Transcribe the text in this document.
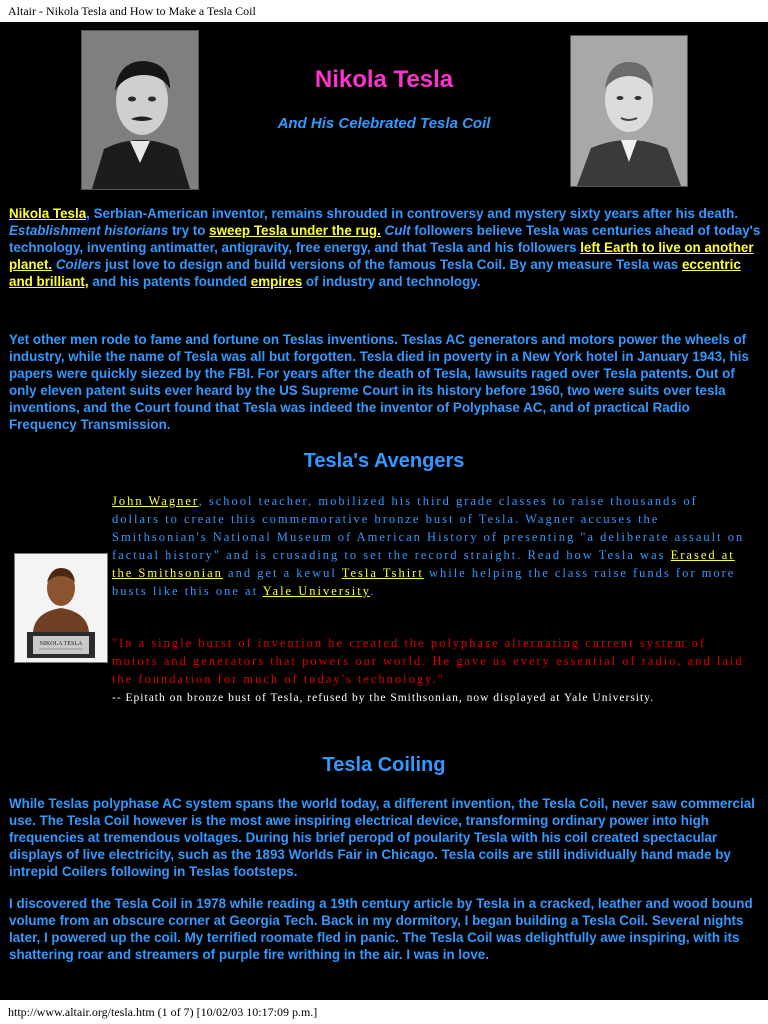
Altair - Nikola Tesla and How to Make a Tesla Coil
Nikola Tesla
And His Celebrated Tesla Coil

Nikola Tesla, Serbian-American inventor, remains shrouded in controversy and mystery sixty years after his death. Establishment historians try to sweep Tesla under the rug. Cult followers believe Tesla was centuries ahead of today's technology, inventing antimatter, antigravity, free energy, and that Tesla and his followers left Earth to live on another planet. Coilers just love to design and build versions of the famous Tesla Coil. By any measure Tesla was eccentric and brilliant, and his patents founded empires of industry and technology.

Yet other men rode to fame and fortune on Teslas inventions. Teslas AC generators and motors power the wheels of industry, while the name of Tesla was all but forgotten. Tesla died in poverty in a New York hotel in January 1943, his papers were quickly siezed by the FBI. For years after the death of Tesla, lawsuits raged over Tesla patents. Out of only eleven patent suits ever heard by the US Supreme Court in its history before 1960, two were suits over tesla inventions, and the Court found that Tesla was indeed the inventor of Polyphase AC, and of practical Radio Frequency Transmission.

Tesla's Avengers
NIKOLA TESLA

John Wagner, school teacher, mobilized his third grade classes to raise thousands of dollars to create this commemorative bronze bust of Tesla. Wagner accuses the Smithsonian's National Museum of American History of presenting "a deliberate assault on factual history" and is crusading to set the record straight. Read how Tesla was Erased at the Smithsonian and get a kewul Tesla Tshirt while helping the class raise funds for more busts like this one at Yale University.

"In a single burst of invention he created the polyphase alternating current system of motors and generators that powers our world. He gave us every essential of radio, and laid the foundation for much of today's technology."
-- Epitath on bronze bust of Tesla, refused by the Smithsonian, now displayed at Yale University.

Tesla Coiling

While Teslas polyphase AC system spans the world today, a different invention, the Tesla Coil, never saw commercial use. The Tesla Coil however is the most awe inspiring electrical device, transforming ordinary power into high frequencies at tremendous voltages. During his brief peropd of poularity Tesla with his coil created spectacular displays of live electricity, such as the 1893 Worlds Fair in Chicago. Tesla coils are still individually hand made by intrepid Coilers following in Teslas footsteps.

I discovered the Tesla Coil in 1978 while reading a 19th century article by Tesla in a cracked, leather and wood bound volume from an obscure corner at Georgia Tech. Back in my dormitory, I began building a Tesla Coil. Several nights later, I powered up the coil. My terrified roomate fled in panic. The Tesla Coil was delightfully awe inspiring, with its shattering roar and streamers of purple fire writhing in the air. I was in love.

http://www.altair.org/tesla.htm (1 of 7) [10/02/03 10:17:09 p.m.]
